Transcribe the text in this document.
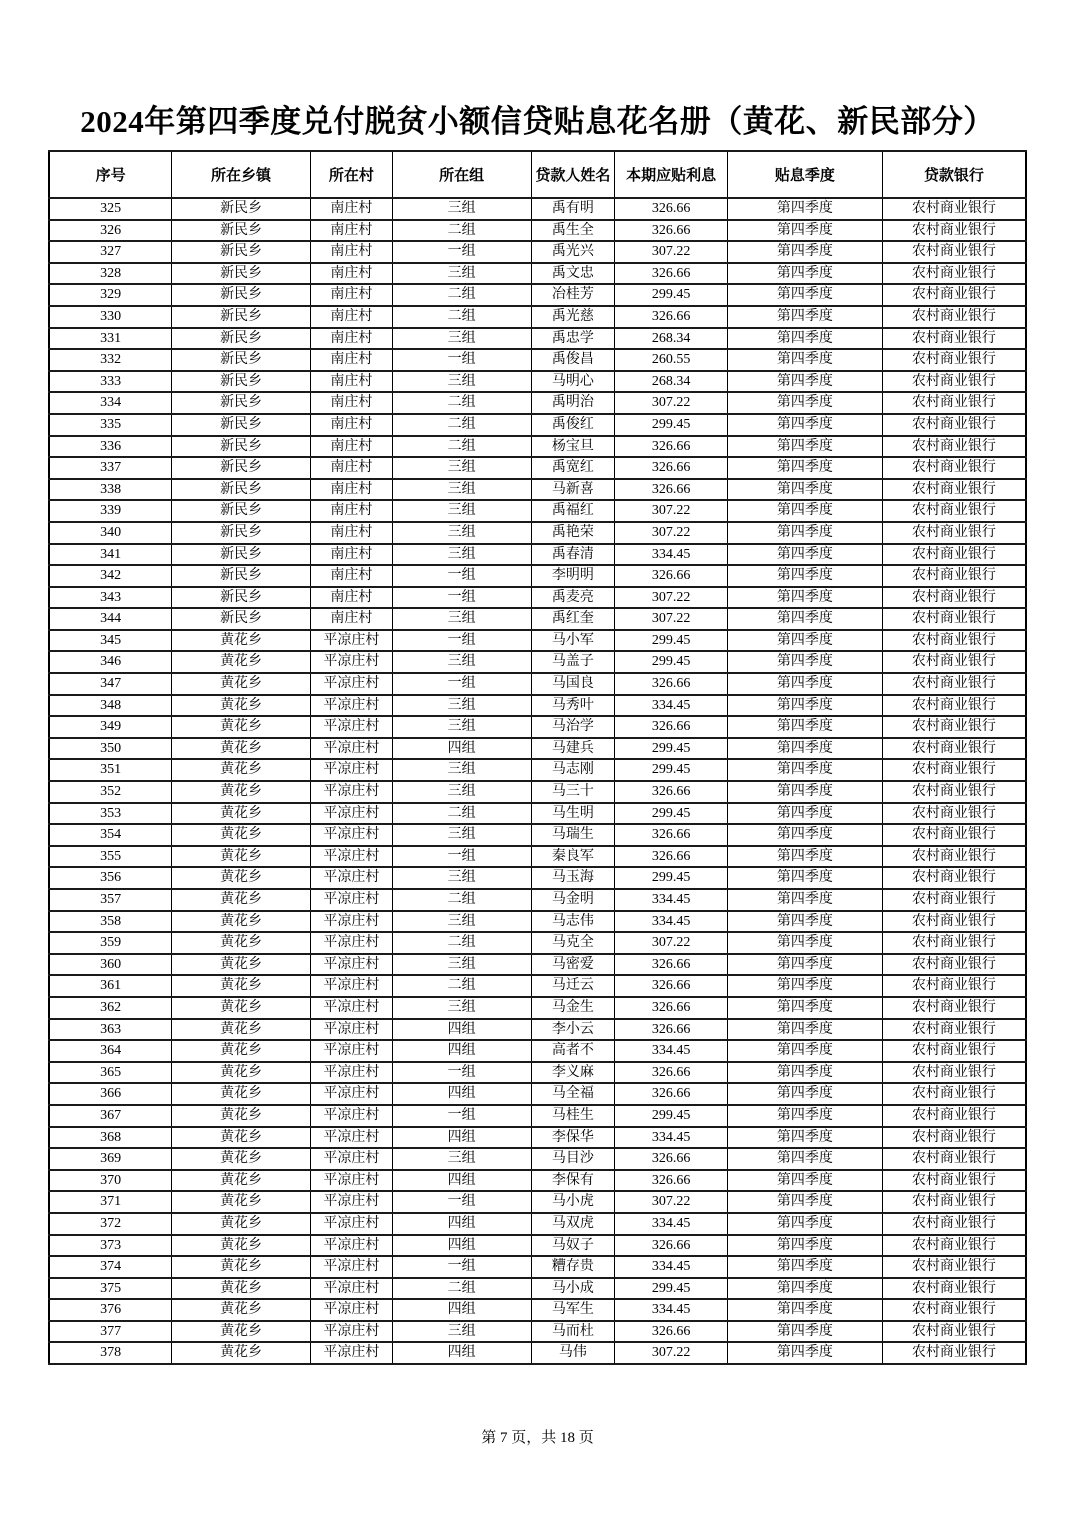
2024年第四季度兑付脱贫小额信贷贴息花名册（黄花、新民部分）
序号	所在乡镇	所在村	所在组	贷款人姓名	本期应贴利息	贴息季度	贷款银行
325	新民乡	南庄村	三组	禹有明	326.66	第四季度	农村商业银行
326	新民乡	南庄村	二组	禹生全	326.66	第四季度	农村商业银行
327	新民乡	南庄村	一组	禹光兴	307.22	第四季度	农村商业银行
328	新民乡	南庄村	三组	禹文忠	326.66	第四季度	农村商业银行
329	新民乡	南庄村	二组	冶桂芳	299.45	第四季度	农村商业银行
330	新民乡	南庄村	二组	禹光慈	326.66	第四季度	农村商业银行
331	新民乡	南庄村	三组	禹忠学	268.34	第四季度	农村商业银行
332	新民乡	南庄村	一组	禹俊昌	260.55	第四季度	农村商业银行
333	新民乡	南庄村	三组	马明心	268.34	第四季度	农村商业银行
334	新民乡	南庄村	二组	禹明治	307.22	第四季度	农村商业银行
335	新民乡	南庄村	二组	禹俊红	299.45	第四季度	农村商业银行
336	新民乡	南庄村	二组	杨宝旦	326.66	第四季度	农村商业银行
337	新民乡	南庄村	三组	禹宽红	326.66	第四季度	农村商业银行
338	新民乡	南庄村	三组	马新喜	326.66	第四季度	农村商业银行
339	新民乡	南庄村	三组	禹福红	307.22	第四季度	农村商业银行
340	新民乡	南庄村	三组	禹艳荣	307.22	第四季度	农村商业银行
341	新民乡	南庄村	三组	禹春清	334.45	第四季度	农村商业银行
342	新民乡	南庄村	一组	李明明	326.66	第四季度	农村商业银行
343	新民乡	南庄村	一组	禹麦亮	307.22	第四季度	农村商业银行
344	新民乡	南庄村	三组	禹红奎	307.22	第四季度	农村商业银行
345	黄花乡	平凉庄村	一组	马小军	299.45	第四季度	农村商业银行
346	黄花乡	平凉庄村	三组	马盖子	299.45	第四季度	农村商业银行
347	黄花乡	平凉庄村	一组	马国良	326.66	第四季度	农村商业银行
348	黄花乡	平凉庄村	三组	马秀叶	334.45	第四季度	农村商业银行
349	黄花乡	平凉庄村	三组	马治学	326.66	第四季度	农村商业银行
350	黄花乡	平凉庄村	四组	马建兵	299.45	第四季度	农村商业银行
351	黄花乡	平凉庄村	三组	马志刚	299.45	第四季度	农村商业银行
352	黄花乡	平凉庄村	三组	马三十	326.66	第四季度	农村商业银行
353	黄花乡	平凉庄村	二组	马生明	299.45	第四季度	农村商业银行
354	黄花乡	平凉庄村	三组	马瑞生	326.66	第四季度	农村商业银行
355	黄花乡	平凉庄村	一组	秦良军	326.66	第四季度	农村商业银行
356	黄花乡	平凉庄村	三组	马玉海	299.45	第四季度	农村商业银行
357	黄花乡	平凉庄村	二组	马金明	334.45	第四季度	农村商业银行
358	黄花乡	平凉庄村	三组	马志伟	334.45	第四季度	农村商业银行
359	黄花乡	平凉庄村	二组	马克全	307.22	第四季度	农村商业银行
360	黄花乡	平凉庄村	三组	马密爱	326.66	第四季度	农村商业银行
361	黄花乡	平凉庄村	二组	马迁云	326.66	第四季度	农村商业银行
362	黄花乡	平凉庄村	三组	马金生	326.66	第四季度	农村商业银行
363	黄花乡	平凉庄村	四组	李小云	326.66	第四季度	农村商业银行
364	黄花乡	平凉庄村	四组	高者不	334.45	第四季度	农村商业银行
365	黄花乡	平凉庄村	一组	李义麻	326.66	第四季度	农村商业银行
366	黄花乡	平凉庄村	四组	马全福	326.66	第四季度	农村商业银行
367	黄花乡	平凉庄村	一组	马桂生	299.45	第四季度	农村商业银行
368	黄花乡	平凉庄村	四组	李保华	334.45	第四季度	农村商业银行
369	黄花乡	平凉庄村	三组	马目沙	326.66	第四季度	农村商业银行
370	黄花乡	平凉庄村	四组	李保有	326.66	第四季度	农村商业银行
371	黄花乡	平凉庄村	一组	马小虎	307.22	第四季度	农村商业银行
372	黄花乡	平凉庄村	四组	马双虎	334.45	第四季度	农村商业银行
373	黄花乡	平凉庄村	四组	马奴子	326.66	第四季度	农村商业银行
374	黄花乡	平凉庄村	一组	糟存贵	334.45	第四季度	农村商业银行
375	黄花乡	平凉庄村	二组	马小成	299.45	第四季度	农村商业银行
376	黄花乡	平凉庄村	四组	马军生	334.45	第四季度	农村商业银行
377	黄花乡	平凉庄村	三组	马而杜	326.66	第四季度	农村商业银行
378	黄花乡	平凉庄村	四组	马伟	307.22	第四季度	农村商业银行
第 7 页，共 18 页
